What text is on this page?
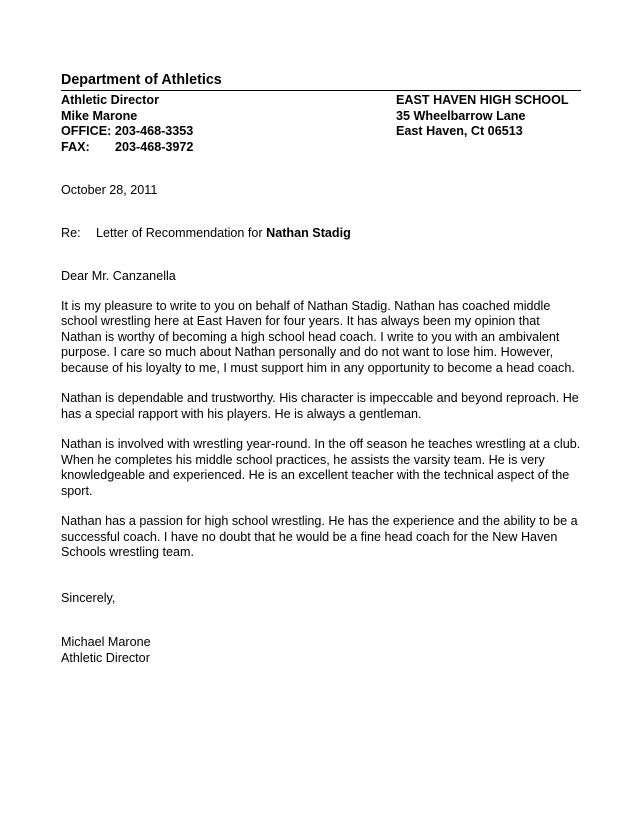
Department of Athletics
Athletic Director
Mike Marone
OFFICE: 203-468-3353
FAX:	203-468-3972
EAST HAVEN HIGH SCHOOL
35 Wheelbarrow Lane
East Haven, Ct 06513
October 28, 2011
Re:	Letter of Recommendation for Nathan Stadig
Dear Mr. Canzanella

It is my pleasure to write to you on behalf of Nathan Stadig. Nathan has coached middle school wrestling here at East Haven for four years. It has always been my opinion that Nathan is worthy of becoming a high school head coach. I write to you with an ambivalent purpose. I care so much about Nathan personally and do not want to lose him. However, because of his loyalty to me, I must support him in any opportunity to become a head coach.

Nathan is dependable and trustworthy. His character is impeccable and beyond reproach. He has a special rapport with his players. He is always a gentleman.

Nathan is involved with wrestling year-round. In the off season he teaches wrestling at a club. When he completes his middle school practices, he assists the varsity team. He is very knowledgeable and experienced. He is an excellent teacher with the technical aspect of the sport.

Nathan has a passion for high school wrestling. He has the experience and the ability to be a successful coach. I have no doubt that he would be a fine head coach for the New Haven Schools wrestling team.

Sincerely,
Michael Marone
Athletic Director
